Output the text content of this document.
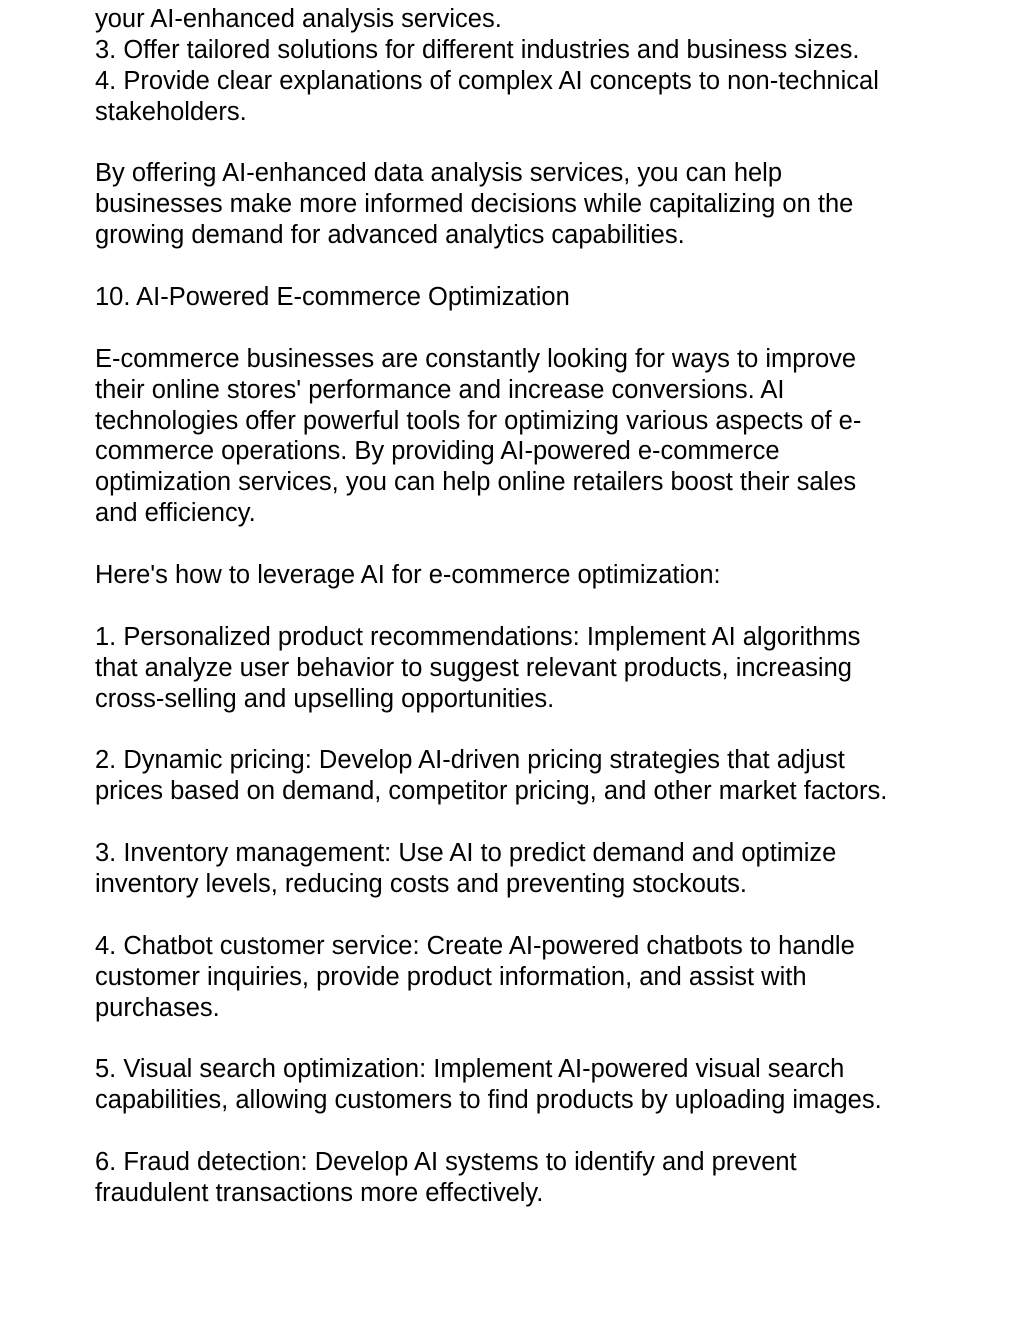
your AI-enhanced analysis services.
3. Offer tailored solutions for different industries and business sizes.
4. Provide clear explanations of complex AI concepts to non-technical
stakeholders.
By offering AI-enhanced data analysis services, you can help
businesses make more informed decisions while capitalizing on the
growing demand for advanced analytics capabilities.
10. AI-Powered E-commerce Optimization
E-commerce businesses are constantly looking for ways to improve
their online stores' performance and increase conversions. AI
technologies offer powerful tools for optimizing various aspects of e-
commerce operations. By providing AI-powered e-commerce
optimization services, you can help online retailers boost their sales
and efficiency.
Here's how to leverage AI for e-commerce optimization:
1. Personalized product recommendations: Implement AI algorithms
that analyze user behavior to suggest relevant products, increasing
cross-selling and upselling opportunities.
2. Dynamic pricing: Develop AI-driven pricing strategies that adjust
prices based on demand, competitor pricing, and other market factors.
3. Inventory management: Use AI to predict demand and optimize
inventory levels, reducing costs and preventing stockouts.
4. Chatbot customer service: Create AI-powered chatbots to handle
customer inquiries, provide product information, and assist with
purchases.
5. Visual search optimization: Implement AI-powered visual search
capabilities, allowing customers to find products by uploading images.
6. Fraud detection: Develop AI systems to identify and prevent
fraudulent transactions more effectively.
